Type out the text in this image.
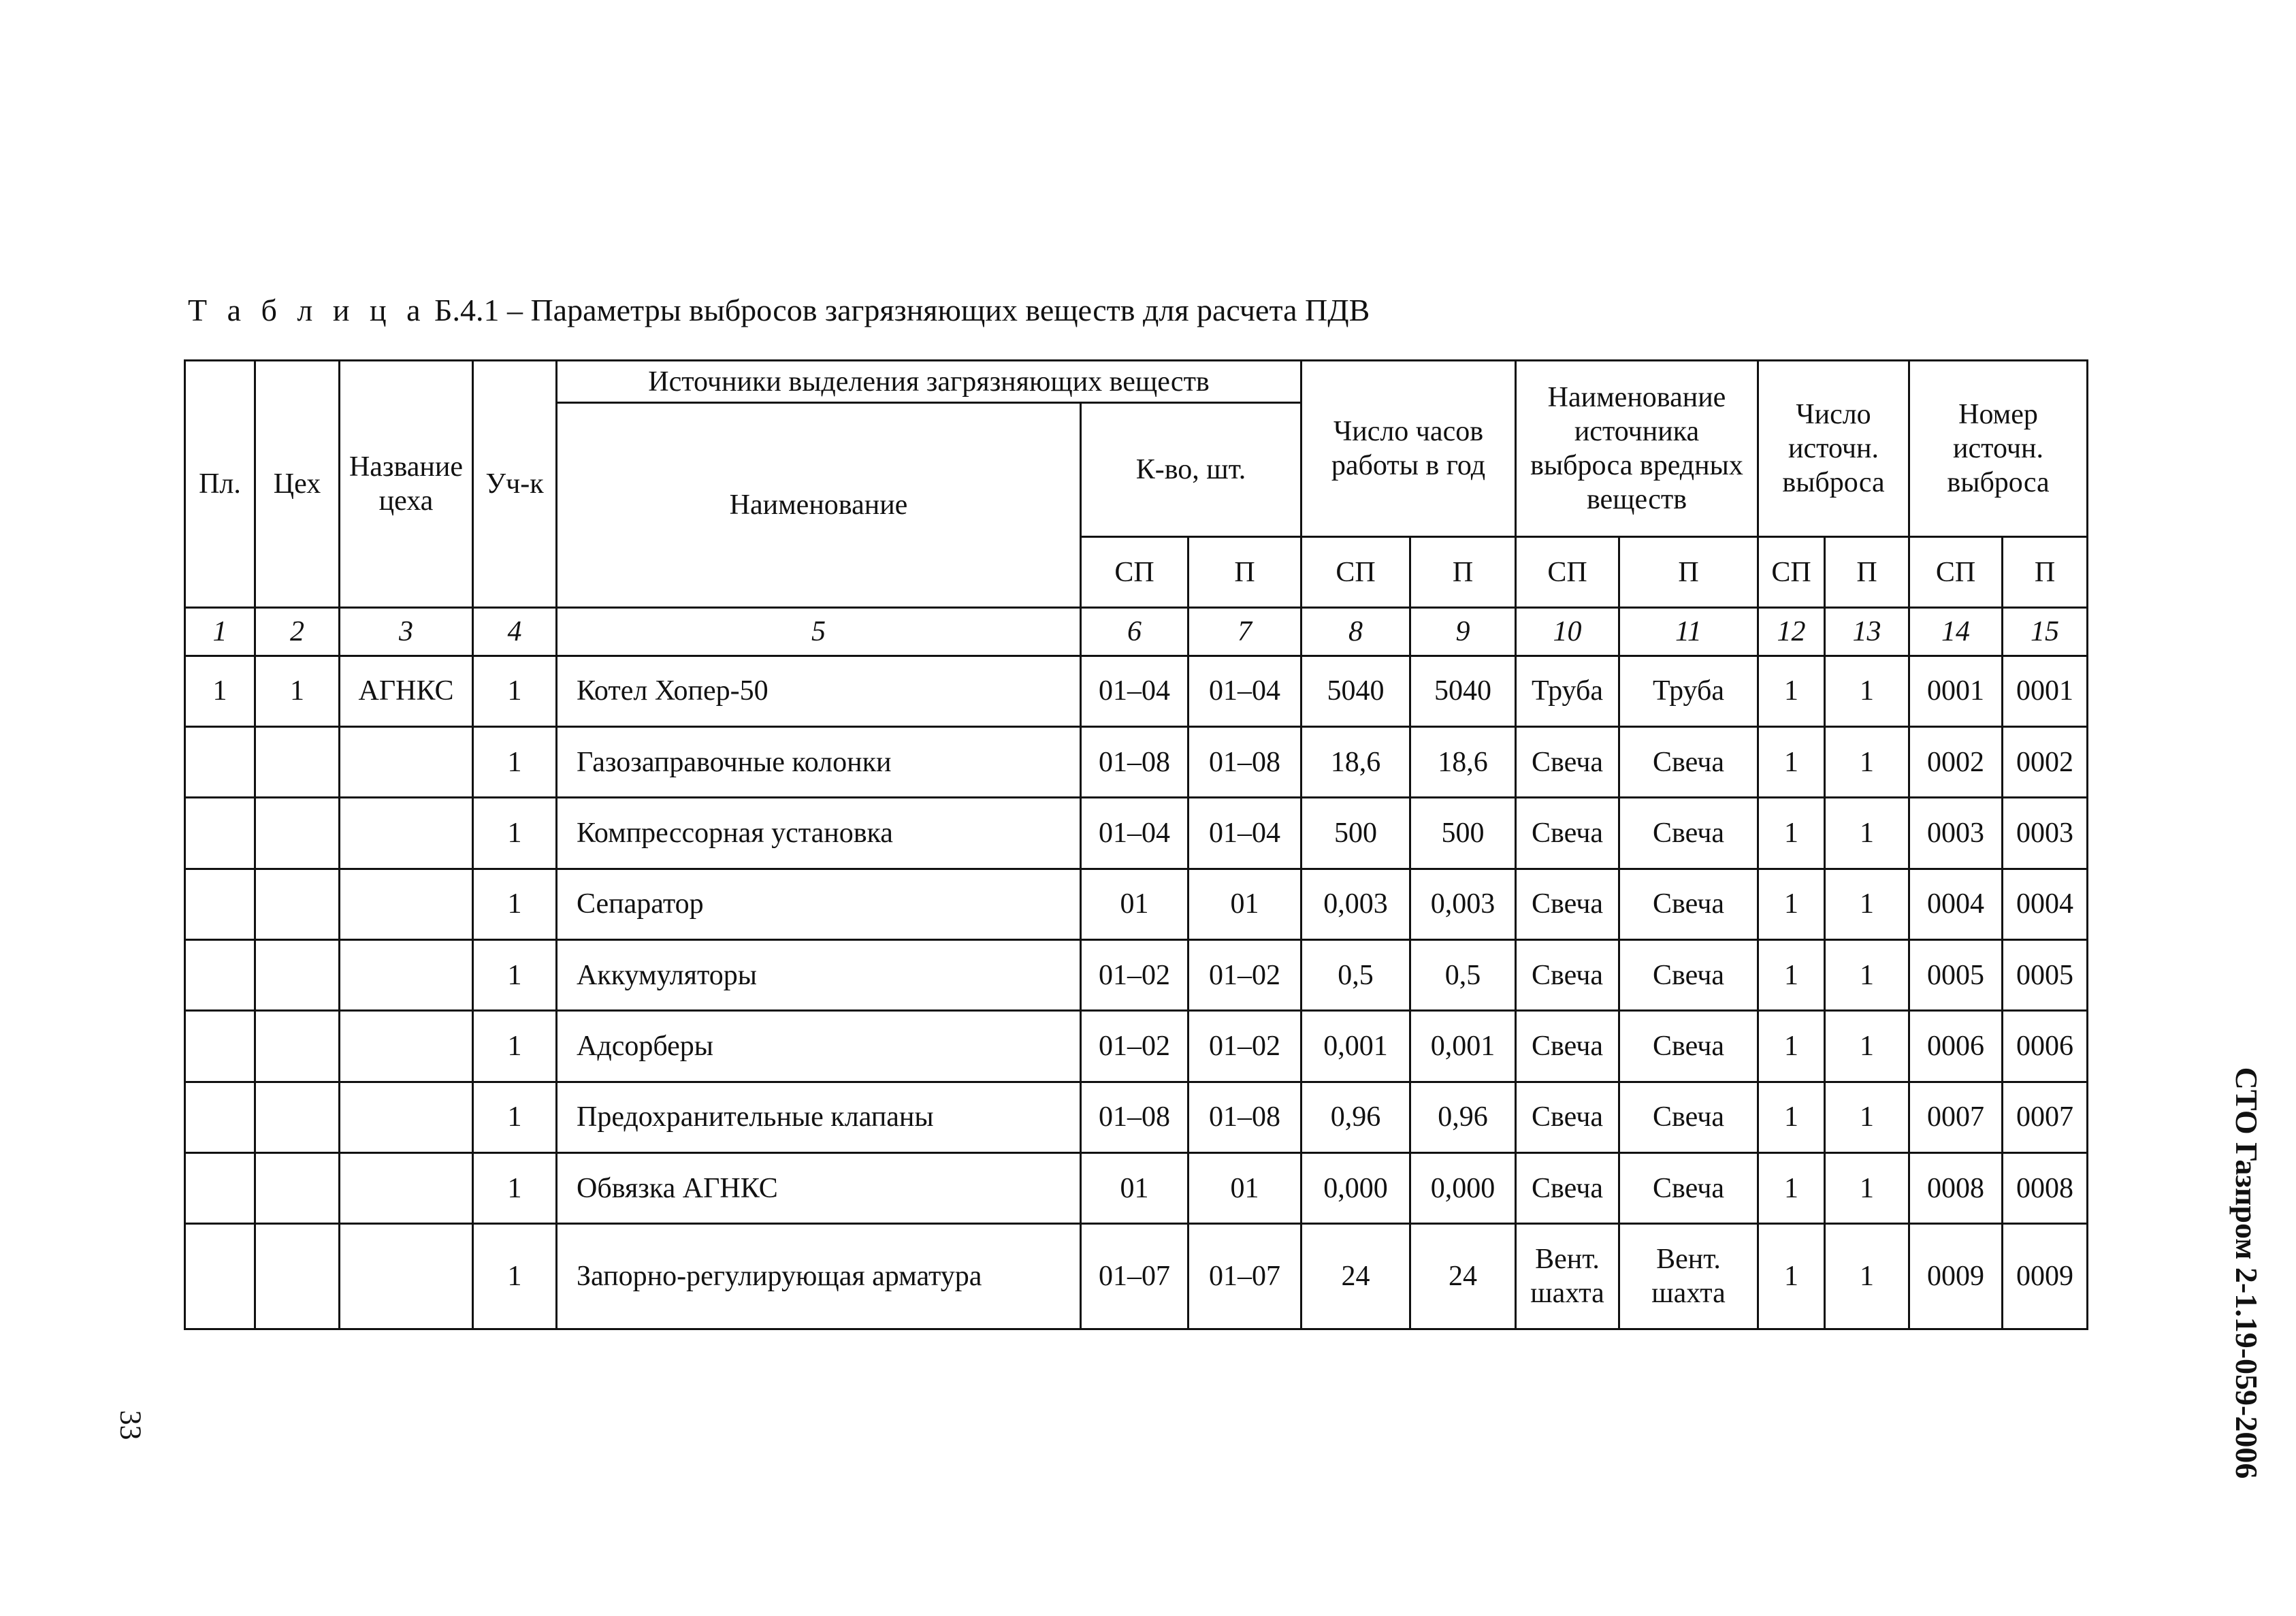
Т а б л и ц а Б.4.1 – Параметры выбросов загрязняющих веществ для расчета ПДВ
Пл.	Цех	Название цеха	Уч-к	Источники выделения загрязняющих веществ			Число часов работы в год		Наименование источника выброса вредных веществ		Число источн. выброса		Номер источн. выброса	
				Наименование	К-во, шт.									
					СП	П	СП	П	СП	П	СП	П	СП	П
1	2	3	4	5	6	7	8	9	10	11	12	13	14	15
1	1	АГНКС	1	Котел Хопер-50	01–04	01–04	5040	5040	Труба	Труба	1	1	0001	0001
			1	Газозаправочные колонки	01–08	01–08	18,6	18,6	Свеча	Свеча	1	1	0002	0002
			1	Компрессорная установка	01–04	01–04	500	500	Свеча	Свеча	1	1	0003	0003
			1	Сепаратор	01	01	0,003	0,003	Свеча	Свеча	1	1	0004	0004
			1	Аккумуляторы	01–02	01–02	0,5	0,5	Свеча	Свеча	1	1	0005	0005
			1	Адсорберы	01–02	01–02	0,001	0,001	Свеча	Свеча	1	1	0006	0006
			1	Предохранительные клапаны	01–08	01–08	0,96	0,96	Свеча	Свеча	1	1	0007	0007
			1	Обвязка АГНКС	01	01	0,000	0,000	Свеча	Свеча	1	1	0008	0008
			1	Запорно-регулирующая арматура	01–07	01–07	24	24	Вент. шахта	Вент. шахта	1	1	0009	0009
33	СТО Газпром 2-1.19-059-2006
